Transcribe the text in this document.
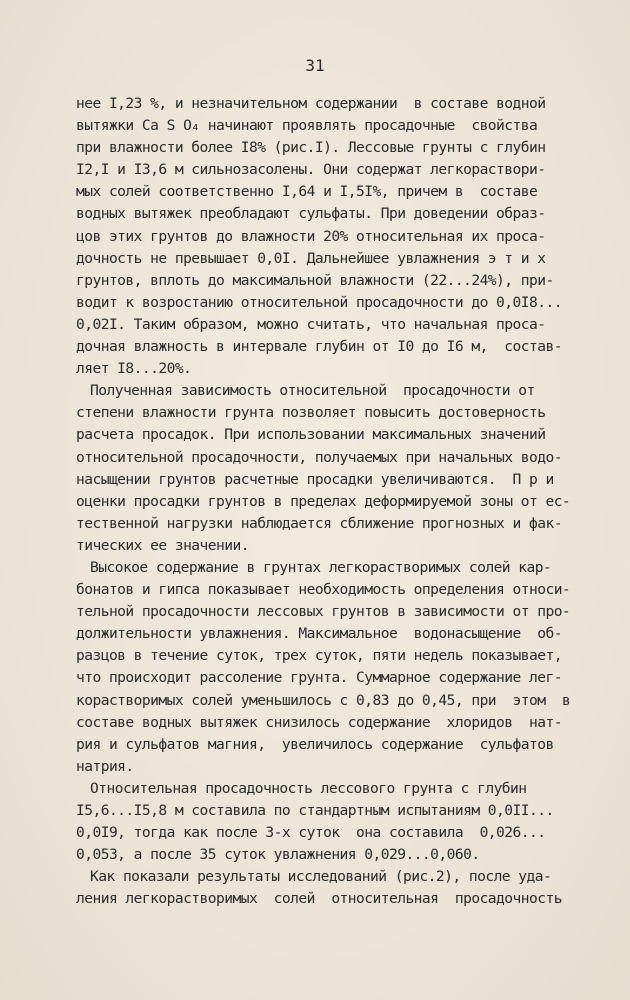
31
нее I,23 %, и незначительном содержании  в составе водной
вытяжки Ca S O₄ начинают проявлять просадочные  свойства
при влажности более I8% (рис.I). Лессовые грунты с глубин
I2,I и I3,6 м сильнозасолены. Они содержат легкораствори-
мых солей соответственно I,64 и I,5I%, причем в  составе
водных вытяжек преобладают сульфаты. При доведении образ-
цов этих грунтов до влажности 20% относительная их проса-
дочность не превышает 0,0I. Дальнейшее увлажнения э т и х
грунтов, вплоть до максимальной влажности (22...24%), при-
водит к возростанию относительной просадочности до 0,0I8...
0,02I. Таким образом, можно считать, что начальная проса-
дочная влажность в интервале глубин от I0 до I6 м,  состав-
ляет I8...20%.
Полученная зависимость относительной  просадочности от
степени влажности грунта позволяет повысить достоверность
расчета просадок. При использовании максимальных значений
относительной просадочности, получаемых при начальных водо-
насыщении грунтов расчетные просадки увеличиваются.  П р и
оценки просадки грунтов в пределах деформируемой зоны от ес-
тественной нагрузки наблюдается сближение прогнозных и фак-
тических ее значении.
Высокое содержание в грунтах легкорастворимых солей кар-
бонатов и гипса показывает необходимость определения относи-
тельной просадочности лессовых грунтов в зависимости от про-
должительности увлажнения. Максимальное  водонасыщение  об-
разцов в течение суток, трех суток, пяти недель показывает,
что происходит рассоление грунта. Суммарное содержание лег-
корастворимых солей уменьшилось с 0,83 до 0,45, при  этом  в
составе водных вытяжек снизилось содержание  хлоридов  нат-
рия и сульфатов магния,  увеличилось содержание  сульфатов
натрия.
Относительная просадочность лессового грунта с глубин
I5,6...I5,8 м составила по стандартным испытаниям 0,0II...
0,0I9, тогда как после 3-х суток  она составила  0,026...
0,053, а после 35 суток увлажнения 0,029...0,060.
Как показали результаты исследований (рис.2), после уда-
ления легкорастворимых  солей  относительная  просадочность
